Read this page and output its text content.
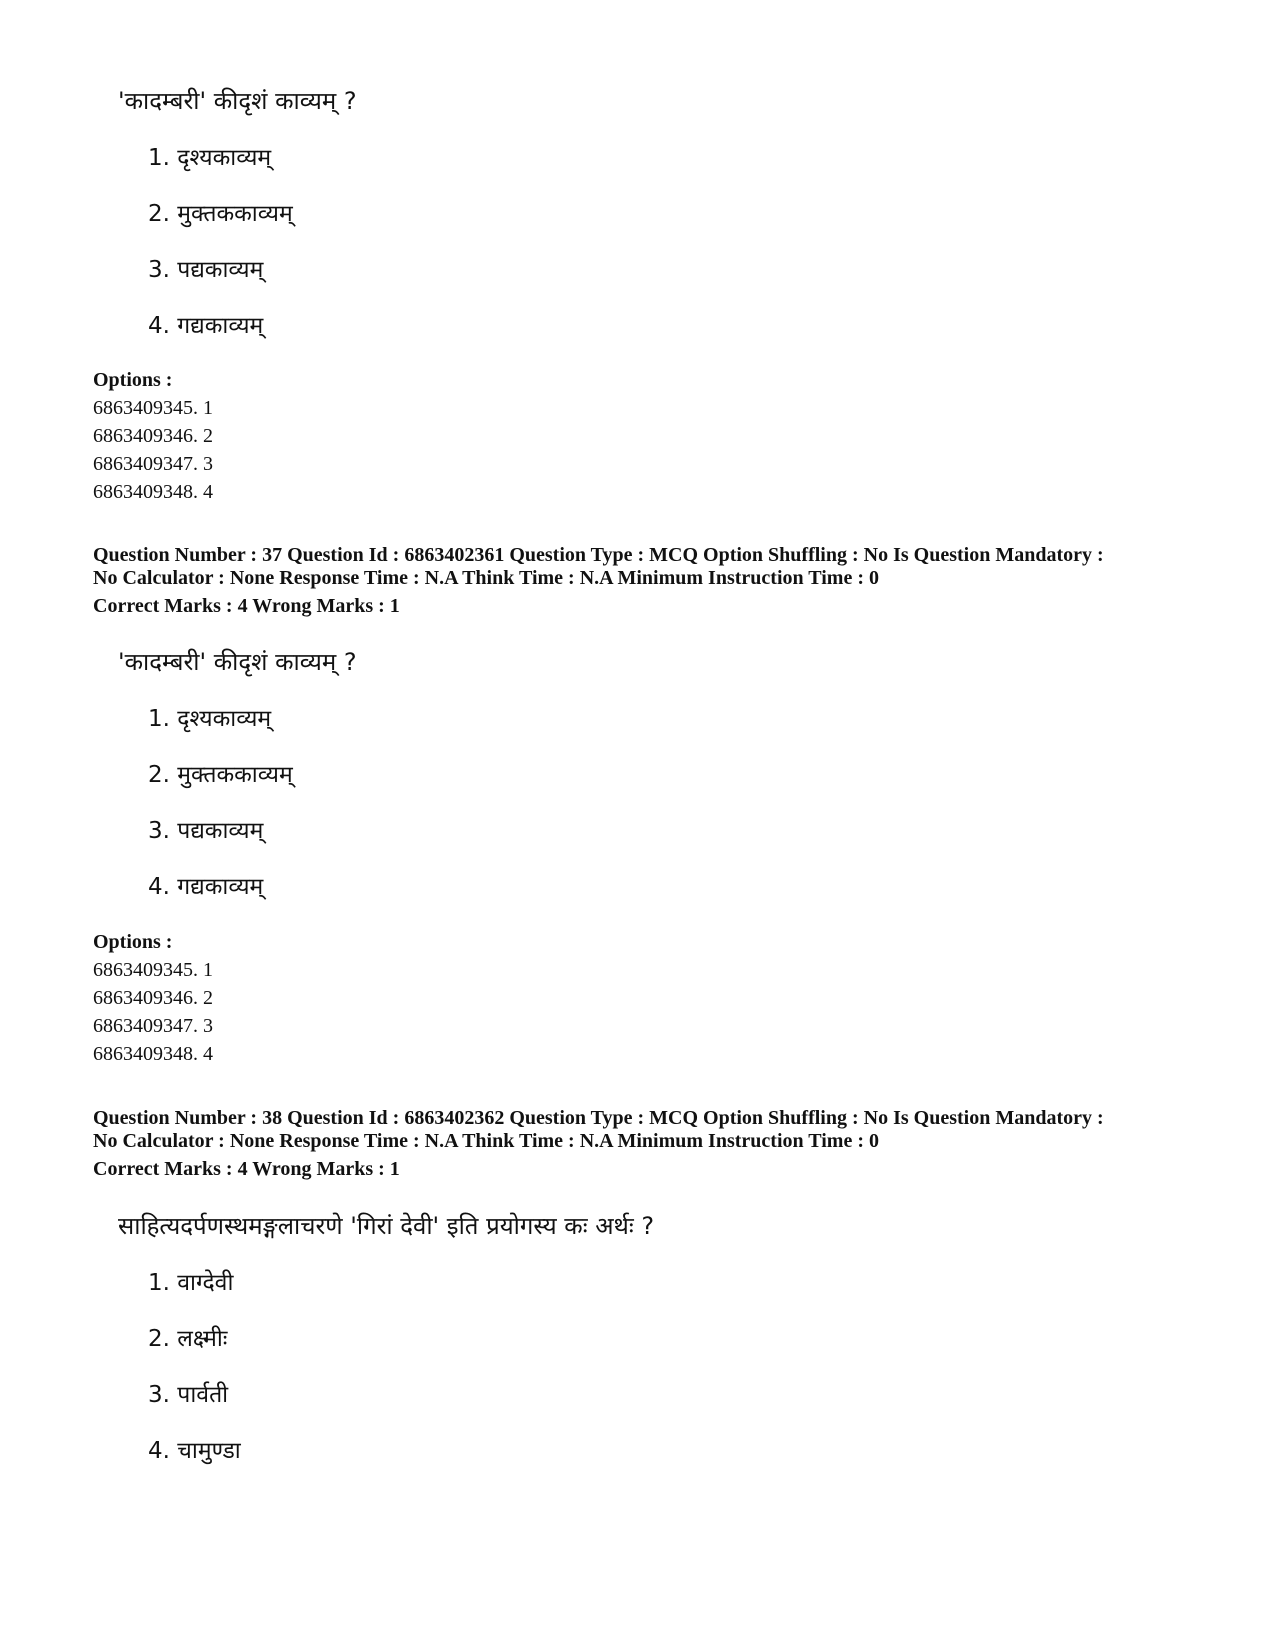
'कादम्बरी' कीदृशं काव्यम् ?
1. दृश्यकाव्यम्
2. मुक्तककाव्यम्
3. पद्यकाव्यम्
4. गद्यकाव्यम्
Options :
6863409345. 1
6863409346. 2
6863409347. 3
6863409348. 4
Question Number : 37 Question Id : 6863402361 Question Type : MCQ Option Shuffling : No Is Question Mandatory :
No Calculator : None Response Time : N.A Think Time : N.A Minimum Instruction Time : 0
Correct Marks : 4 Wrong Marks : 1
'कादम्बरी' कीदृशं काव्यम् ?
1. दृश्यकाव्यम्
2. मुक्तककाव्यम्
3. पद्यकाव्यम्
4. गद्यकाव्यम्
Options :
6863409345. 1
6863409346. 2
6863409347. 3
6863409348. 4
Question Number : 38 Question Id : 6863402362 Question Type : MCQ Option Shuffling : No Is Question Mandatory :
No Calculator : None Response Time : N.A Think Time : N.A Minimum Instruction Time : 0
Correct Marks : 4 Wrong Marks : 1
साहित्यदर्पणस्थमङ्गलाचरणे 'गिरां देवी' इति प्रयोगस्य कः अर्थः ?
1. वाग्देवी
2. लक्ष्मीः
3. पार्वती
4. चामुण्डा
